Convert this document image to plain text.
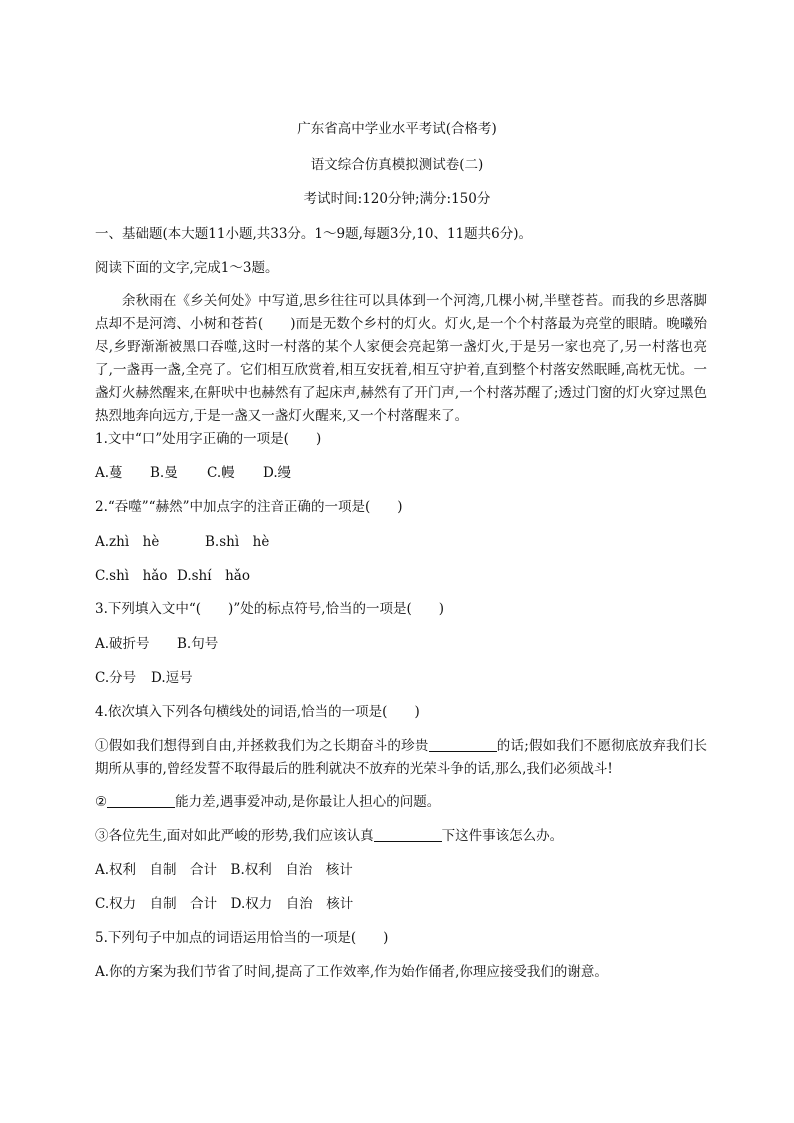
广东省高中学业水平考试(合格考)
语文综合仿真模拟测试卷(二)
考试时间:120分钟;满分:150分
一、基础题(本大题11小题,共33分。1～9题,每题3分,10、11题共6分)。
阅读下面的文字,完成1～3题。
余秋雨在《乡关何处》中写道,思乡往往可以具体到一个河湾,几棵小树,半壁苍苔。而我的乡思落脚点却不是河湾、小树和苍苔(　　)而是无数个乡村的灯火。灯火,是一个个村落最为亮堂的眼睛。晚曦殆尽,乡野渐渐被黑口吞噬,这时一村落的某个人家便会亮起第一盏灯火,于是另一家也亮了,另一村落也亮了,一盏再一盏,全亮了。它们相互欣赏着,相互安抚着,相互守护着,直到整个村落安然眠睡,高枕无忧。一盏灯火赫然醒来,在鼾吠中也赫然有了起床声,赫然有了开门声,一个村落苏醒了;透过门窗的灯火穿过黑色热烈地奔向远方,于是一盏又一盏灯火醒来,又一个村落醒来了。
1.文中“口”处用字正确的一项是(　　)
A.蔓 B.曼 C.幔 D.缦
2.“吞噬”“赫然”中加点字的注音正确的一项是(　　)
A.zhì　hè	B.shì　hè
C.shì　hǎo D.shí　hǎo
3.下列填入文中“(　　)”处的标点符号,恰当的一项是(　　)
A.破折号 B.句号
C.分号 D.逗号
4.依次填入下列各句横线处的词语,恰当的一项是(　　)
①假如我们想得到自由,并拯救我们为之长期奋斗的珍贵	的话;假如我们不愿彻底放弃我们长期所从事的,曾经发誓不取得最后的胜利就决不放弃的光荣斗争的话,那么,我们必须战斗!
②	能力差,遇事爱冲动,是你最让人担心的问题。
③各位先生,面对如此严峻的形势,我们应该认真	下这件事该怎么办。
A.权利　自制　合计　B.权利　自治　核计
C.权力　自制　合计　D.权力　自治　核计
5.下列句子中加点的词语运用恰当的一项是(　　)
A.你的方案为我们节省了时间,提高了工作效率,作为始作俑者,你理应接受我们的谢意。
